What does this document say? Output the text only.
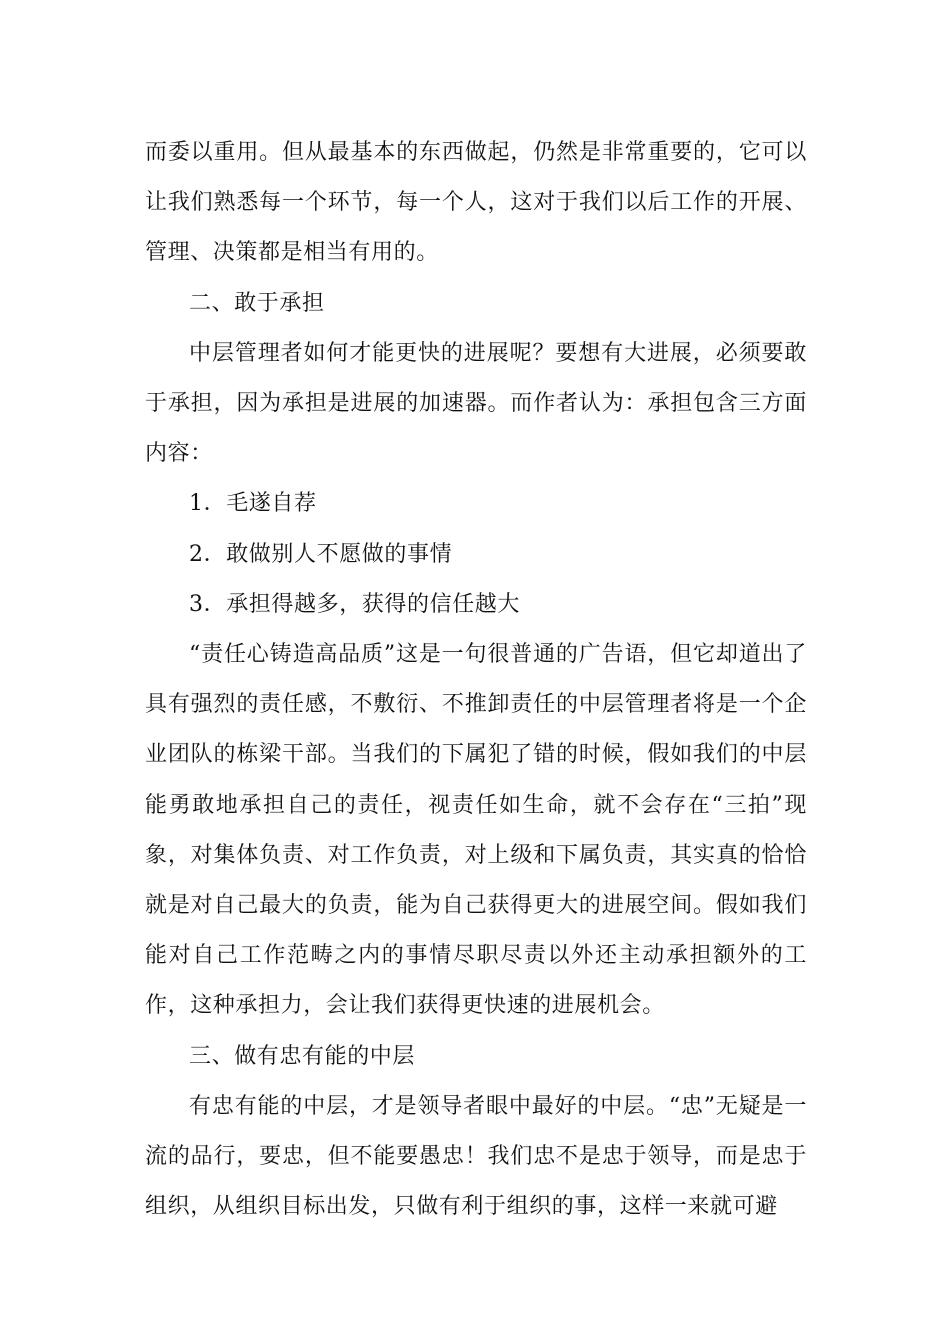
而委以重用。但从最基本的东西做起，仍然是非常重要的，它可以让我们熟悉每一个环节，每一个人，这对于我们以后工作的开展、管理、决策都是相当有用的。

二、敢于承担

中层管理者如何才能更快的进展呢？要想有大进展，必须要敢于承担，因为承担是进展的加速器。而作者认为：承担包含三方面内容：

1．毛遂自荐

2．敢做别人不愿做的事情

3．承担得越多，获得的信任越大

“责任心铸造高品质”这是一句很普通的广告语，但它却道出了具有强烈的责任感，不敷衍、不推卸责任的中层管理者将是一个企业团队的栋梁干部。当我们的下属犯了错的时候，假如我们的中层能勇敢地承担自己的责任，视责任如生命，就不会存在“三拍”现象，对集体负责、对工作负责，对上级和下属负责，其实真的恰恰就是对自己最大的负责，能为自己获得更大的进展空间。假如我们能对自己工作范畴之内的事情尽职尽责以外还主动承担额外的工作，这种承担力，会让我们获得更快速的进展机会。

三、做有忠有能的中层

有忠有能的中层，才是领导者眼中最好的中层。“忠”无疑是一流的品行，要忠，但不能要愚忠！我们忠不是忠于领导，而是忠于组织，从组织目标出发，只做有利于组织的事，这样一来就可避
